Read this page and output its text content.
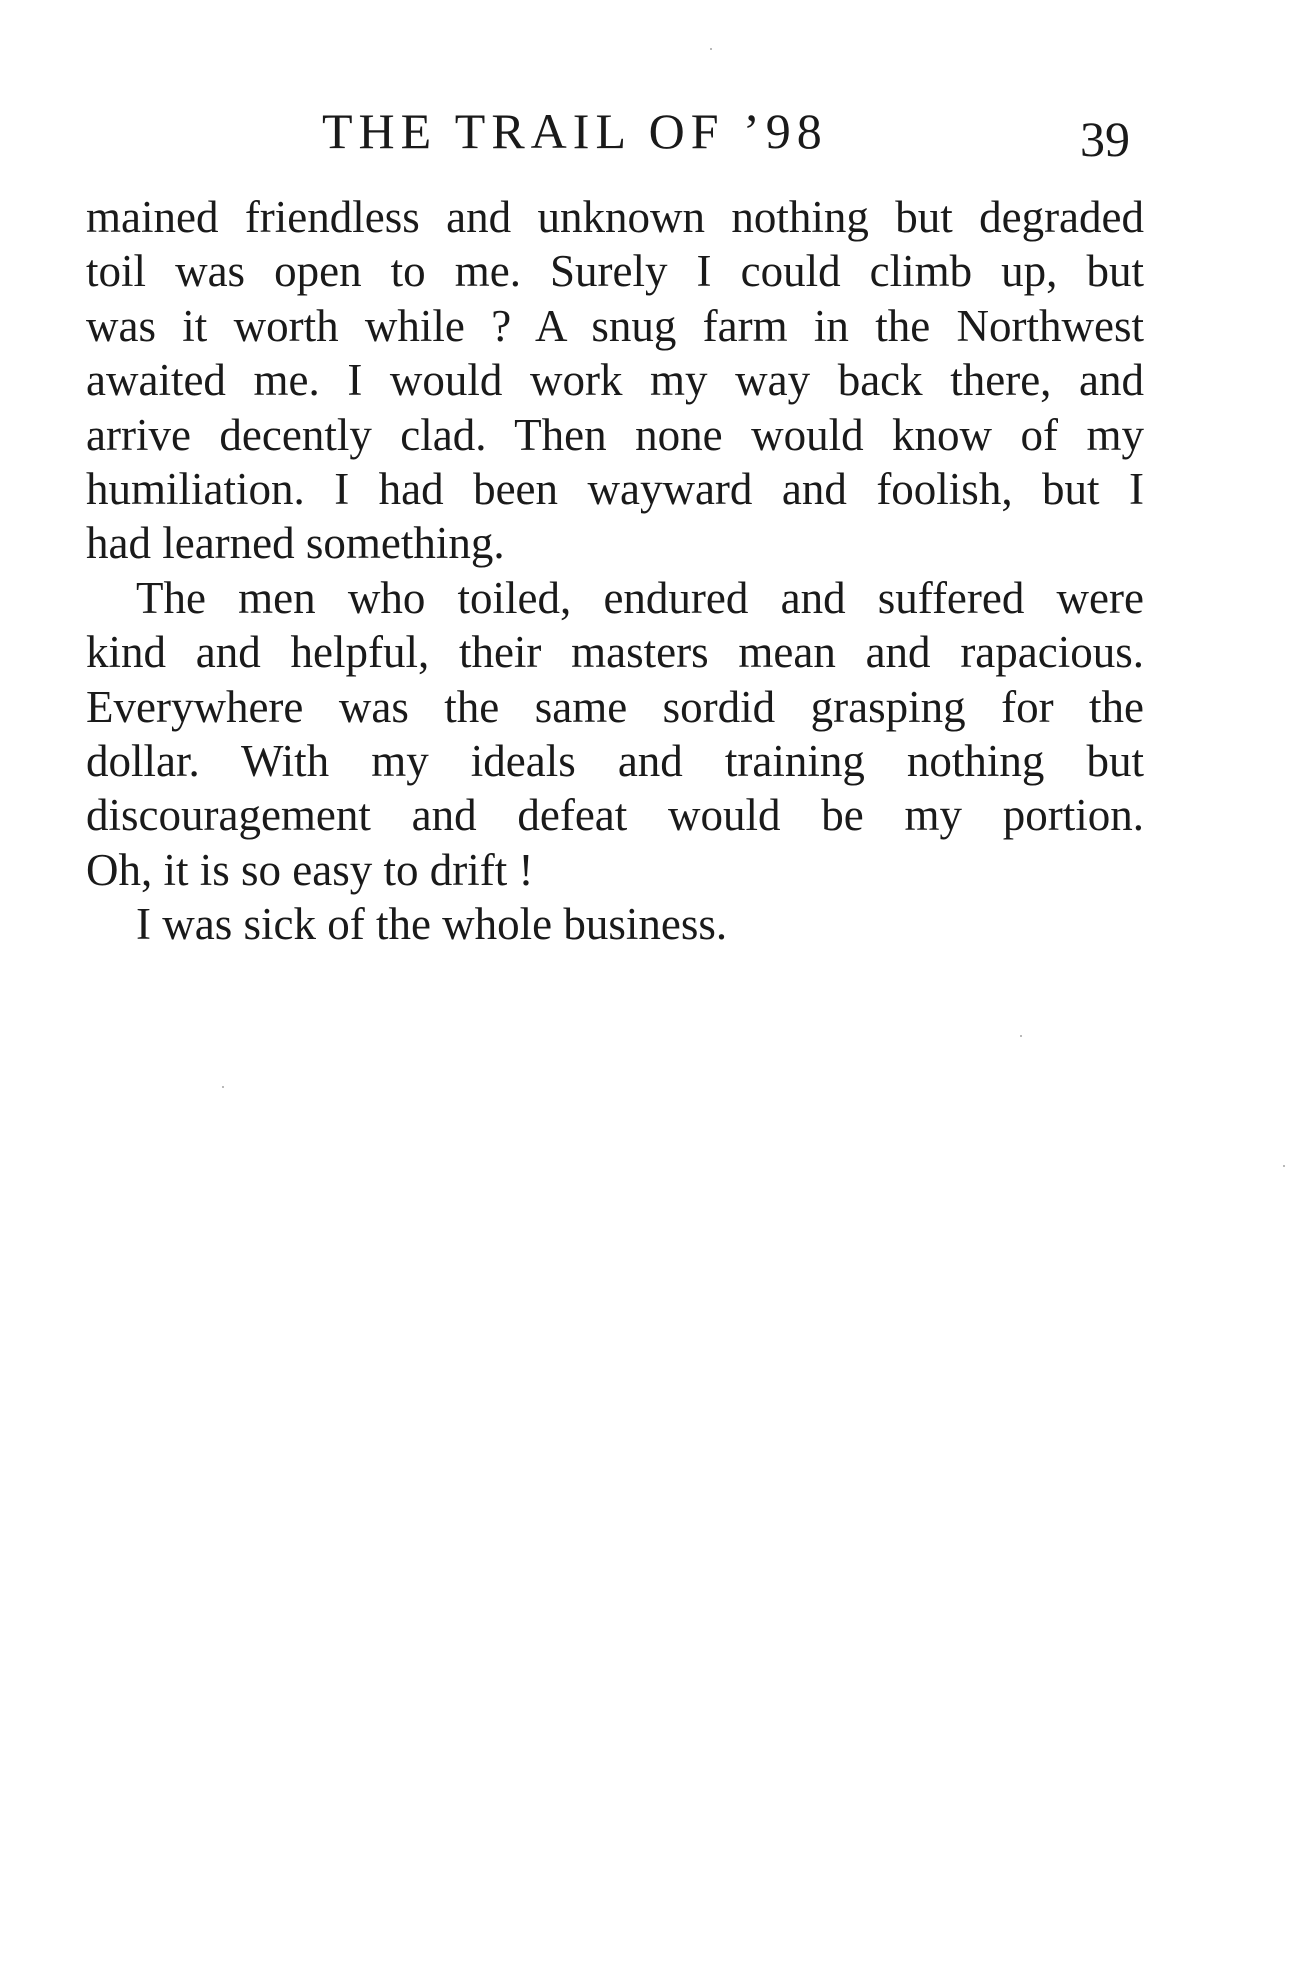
THE TRAIL OF ’98	39
mained friendless and unknown nothing but degraded
toil was open to me. Surely I could climb up, but
was it worth while ? A snug farm in the Northwest
awaited me. I would work my way back there, and
arrive decently clad. Then none would know of my
humiliation. I had been wayward and foolish, but I
had learned something.
The men who toiled, endured and suffered were
kind and helpful, their masters mean and rapacious.
Everywhere was the same sordid grasping for the
dollar. With my ideals and training nothing but
discouragement and defeat would be my portion.
Oh, it is so easy to drift !
I was sick of the whole business.
